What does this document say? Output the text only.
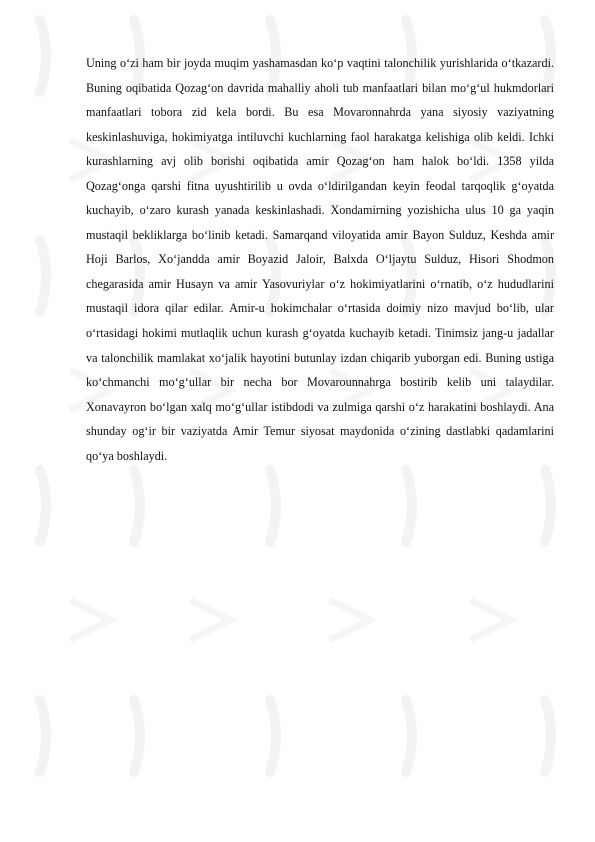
Uning o‘zi ham bir joyda muqim yashamasdan ko‘p vaqtini talonchilik yurishlarida o‘tkazardi. Buning oqibatida Qozag‘on davrida mahalliy aholi tub manfaatlari bilan mo‘g‘ul hukmdorlari manfaatlari tobora zid kela bordi. Bu esa Movaronnahrda yana siyosiy vaziyatning keskinlashuviga, hokimiyatga intiluvchi kuchlarning faol harakatga kelishiga olib keldi. Ichki kurashlarning avj olib borishi oqibatida amir Qozag‘on ham halok bo‘ldi. 1358 yilda Qozag‘onga qarshi fitna uyushtirilib u ovda o‘ldirilgandan keyin feodal tarqoqlik g‘oyatda kuchayib, o‘zaro kurash yanada keskinlashadi. Xondamirning yozishicha ulus 10 ga yaqin mustaqil bekliklarga bo‘linib ketadi. Samarqand viloyatida amir Bayon Sulduz, Keshda amir Hoji Barlos, Xo‘jandda amir Boyazid Jaloir, Balxda O‘ljaytu Sulduz, Hisori Shodmon chegarasida amir Husayn va amir Yasovuriylar o‘z hokimiyatlarini o‘rnatib, o‘z hududlarini mustaqil idora qilar edilar. Amir-u hokimchalar o‘rtasida doimiy nizo mavjud bo‘lib, ular o‘rtasidagi hokimi mutlaqlik uchun kurash g‘oyatda kuchayib ketadi. Tinimsiz jang-u jadallar va talonchilik mamlakat xo‘jalik hayotini butunlay izdan chiqarib yuborgan edi. Buning ustiga ko‘chmanchi mo‘g‘ullar bir necha bor Movarounnahrga bostirib kelib uni talaydilar. Xonavayron bo‘lgan xalq mo‘g‘ullar istibdodi va zulmiga qarshi o‘z harakatini boshlaydi. Ana shunday og‘ir bir vaziyatda Amir Temur siyosat maydonida o‘zining dastlabki qadamlarini qo‘ya boshlaydi.
